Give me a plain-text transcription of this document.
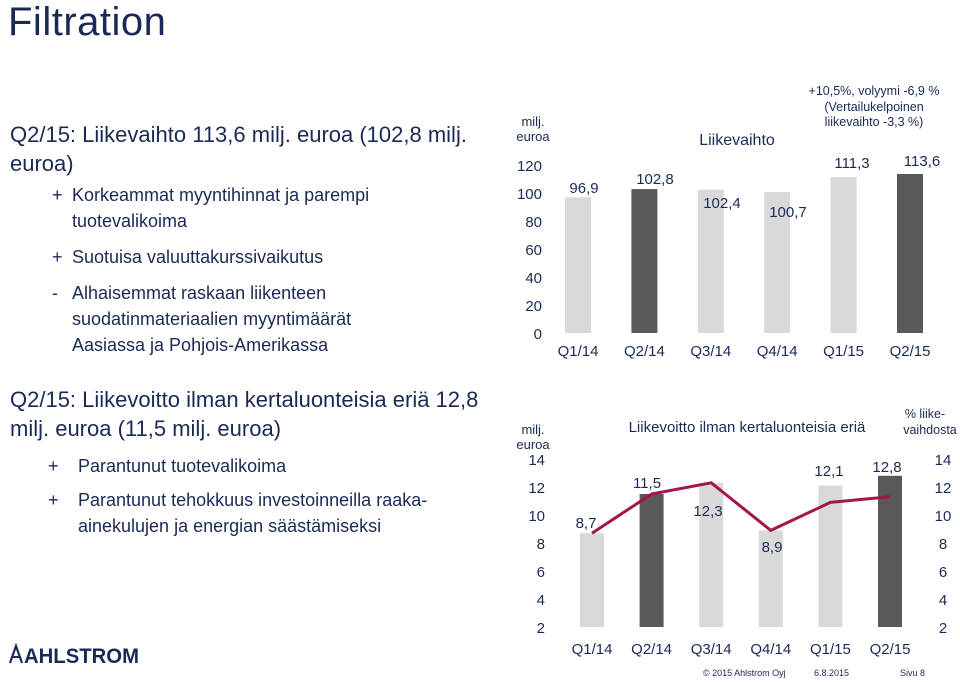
Filtration
Q2/15: Liikevaihto 113,6 milj. euroa (102,8 milj. euroa)
+ Korkeammat myyntihinnat ja parempi tuotevalikoima
+ Suotuisa valuuttakurssivaikutus
- Alhaisemmat raskaan liikenteen suodatinmateriaalien myyntimäärät Aasiassa ja Pohjois-Amerikassa
Q2/15: Liikevoitto ilman kertaluonteisia eriä 12,8 milj. euroa (11,5 milj. euroa)
+ Parantunut tuotevalikoima
+ Parantunut tehokkuus investoinneilla raaka-ainekulujen ja energian säästämiseksi
AHLSTROM
© 2015 Ahlstrom Oyj	6.8.2015	Sivu 8
milj.
euroa
0
20
40
60
80
100
120
Liikevaihto
+10,5%, volyymi -6,9 %
(Vertailukelpoinen
liikevaihto -3,3 %)
Q1/14 Q2/14 Q3/14 Q4/14 Q1/15 Q2/15
96,9
102,8
102,4
100,7
111,3 113,6
milj.
euroa
2
4
6
8
10
12
14
2
4
6
8
10
12
14
% liike-
vaihdosta
Liikevoitto ilman kertaluonteisia eriä
Q1/14 Q2/14 Q3/14 Q4/14 Q1/15 Q2/15
8,7
11,5
12,3
8,9
12,1 12,8
